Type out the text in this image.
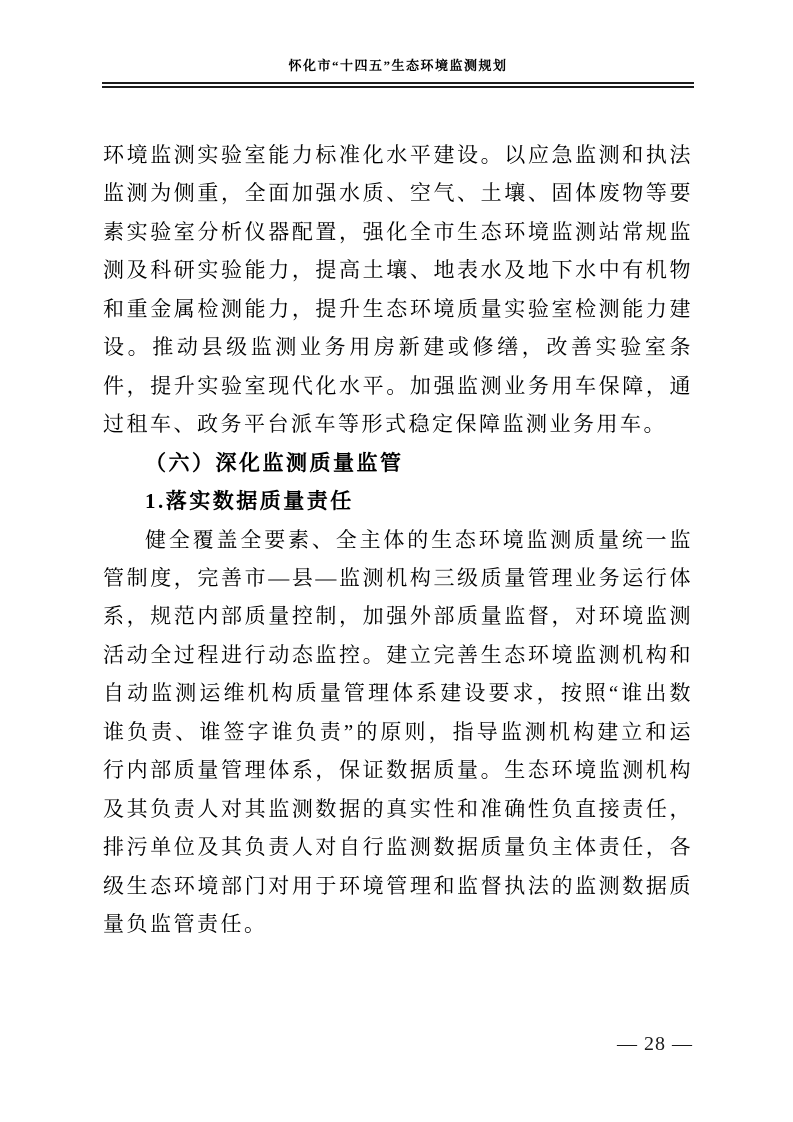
怀化市“十四五”生态环境监测规划

环境监测实验室能力标准化水平建设。以应急监测和执法监测为侧重，全面加强水质、空气、土壤、固体废物等要素实验室分析仪器配置，强化全市生态环境监测站常规监测及科研实验能力，提高土壤、地表水及地下水中有机物和重金属检测能力，提升生态环境质量实验室检测能力建设。推动县级监测业务用房新建或修缮，改善实验室条件，提升实验室现代化水平。加强监测业务用车保障，通过租车、政务平台派车等形式稳定保障监测业务用车。

（六）深化监测质量监管

1.落实数据质量责任

健全覆盖全要素、全主体的生态环境监测质量统一监管制度，完善市—县—监测机构三级质量管理业务运行体系，规范内部质量控制，加强外部质量监督，对环境监测活动全过程进行动态监控。建立完善生态环境监测机构和自动监测运维机构质量管理体系建设要求，按照“谁出数谁负责、谁签字谁负责”的原则，指导监测机构建立和运行内部质量管理体系，保证数据质量。生态环境监测机构及其负责人对其监测数据的真实性和准确性负直接责任，排污单位及其负责人对自行监测数据质量负主体责任，各级生态环境部门对用于环境管理和监督执法的监测数据质量负监管责任。

— 28 —
